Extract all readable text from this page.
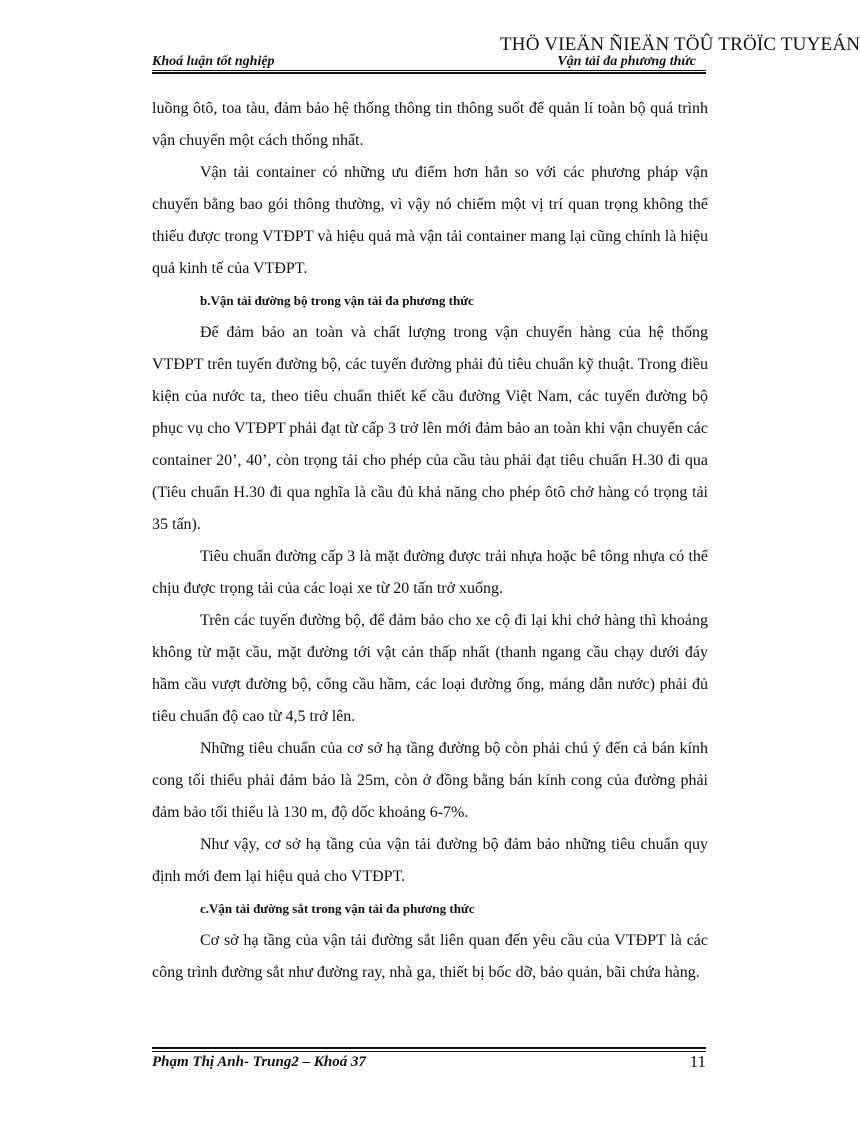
THÖ VIEÄN ÑIEÄN TÖÛ TRÖÏC TUYEÁN
Khoá luận tốt nghiệp	Vận tải đa phương thức

luồng ôtô, toa tàu, đảm bảo hệ thống thông tin thông suốt để quản lí toàn bộ quá trình vận chuyển một cách thống nhất.

Vận tải container có những ưu điểm hơn hẳn so với các phương pháp vận chuyển bằng bao gói thông thường, vì vậy nó chiếm một vị trí quan trọng không thể thiếu được trong VTĐPT và hiệu quả mà vận tải container mang lại cũng chính là hiệu quả kinh tế của VTĐPT.

b.Vận tải đường bộ trong vận tải đa phương thức

Để đảm bảo an toàn và chất lượng trong vận chuyển hàng của hệ thống VTĐPT trên tuyến đường bộ, các tuyến đường phải đủ tiêu chuẩn kỹ thuật. Trong điều kiện của nước ta, theo tiêu chuẩn thiết kế cầu đường Việt Nam, các tuyến đường bộ phục vụ cho VTĐPT phải đạt từ cấp 3 trở lên mới đảm bảo an toàn khi vận chuyển các container 20’, 40’, còn trọng tải cho phép của cầu tàu phải đạt tiêu chuẩn H.30 đi qua (Tiêu chuẩn H.30 đi qua nghĩa là cầu đủ khả năng cho phép ôtô chở hàng có trọng tải 35 tấn).

Tiêu chuẩn đường cấp 3 là mặt đường được trải nhựa hoặc bê tông nhựa có thể chịu được trọng tải của các loại xe từ 20 tấn trở xuống.

Trên các tuyến đường bộ, để đảm bảo cho xe cộ đi lại khi chở hàng thì khoảng không từ mặt cầu, mặt đường tới vật cản thấp nhất (thanh ngang cầu chạy dưới đáy hầm cầu vượt đường bộ, cổng cầu hầm, các loại đường ống, máng dẫn nước) phải đủ tiêu chuẩn độ cao từ 4,5 trở lên.

Những tiêu chuẩn của cơ sở hạ tầng đường bộ còn phải chú ý đến cả bán kính cong tối thiểu phải đảm bảo là 25m, còn ở đồng bằng bán kính cong của đường phải đảm bảo tối thiểu là 130 m, độ dốc khoảng 6-7%.

Như vậy, cơ sở hạ tầng của vận tải đường bộ đảm bảo những tiêu chuẩn quy định mới đem lại hiệu quả cho VTĐPT.

c.Vận tải đường sắt trong vận tải đa phương thức

Cơ sở hạ tầng của vận tải đường sắt liên quan đến yêu cầu của VTĐPT là các công trình đường sắt như đường ray, nhà ga, thiết bị bốc dỡ, bảo quản, bãi chứa hàng.

Phạm Thị Anh- Trung2 – Khoá 37	11
